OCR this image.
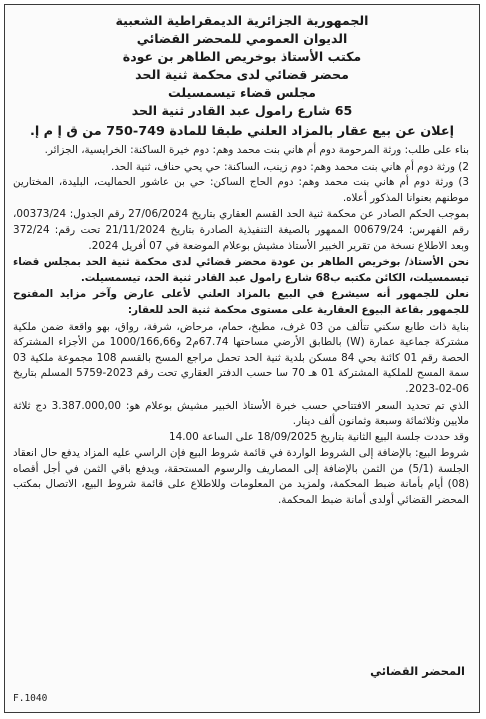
الجمهورية الجزائرية الديمقراطية الشعبية
الديوان العمومي للمحضر القضائي
مكتب الأستاذ بوخريص الطاهر بن عودة
محضر قضائي لدى محكمة ثنية الحد
مجلس قضاء تيسمسيلت
65 شارع رامول عبد القادر ثنية الحد
إعلان عن بيع عقار بالمزاد العلني طبقا للمادة 749-750 من ق إ م إ.

بناء على طلب: ورثة المرحومة دوم أم هاني بنت محمد وهم: دوم خيرة الساكنة: الخرايسية، الجزائر.

2) ورثة دوم أم هاني بنت محمد وهم: دوم زينب، الساكنة: حي يحي حناف، ثنية الحد.

3) ورثة دوم أم هاني بنت محمد وهم: دوم الحاج الساكن: حي بن عاشور الحماليت، البليدة، المختارين موطنهم بعنوانا المذكور أعلاه.

بموجب الحكم الصادر عن محكمة ثنية الحد القسم العقاري بتاريخ 27/06/2024 رقم الجدول: 00373/24، رقم الفهرس: 00679/24 الممهور بالصيغة التنفيذية الصادرة بتاريخ 21/11/2024 تحت رقم: 372/24 وبعد الاطلاع نسخة من تقرير الخبير الأستاذ مشيش بوعلام الموضعة في 07 أفريل 2024.

نحن الأستاذ/ بوخريص الطاهر بن عودة محضر قضائي لدى محكمة ثنية الحد بمجلس قضاء تيسمسيلت، الكائن مكتبه ب68 شارع رامول عبد القادر ثنية الحد، تيسمسيلت.

نعلن للجمهور أنه سيشرع في البيع بالمزاد العلني لأعلى عارض وآخر مزايد المفتوح للجمهور بقاعة البيوع العقارية على مستوى محكمة ثنية الحد للعقار:

بناية ذات طابع سكني تتألف من 03 غرف، مطبخ، حمام، مرحاض، شرفة، رواق، بهو واقعة ضمن ملكية مشتركة جماعية عمارة (W) بالطابق الأرضي مساحتها 67.74م2 و1000/166,66 من الأجزاء المشتركة الحصة رقم 01 كائنة بحي 84 مسكن بلدية ثنية الحد تحمل مراجع المسح بالقسم 108 مجموعة ملكية 03 سمة المسح للملكية المشتركة 01 هـ 70 سا حسب الدفتر العقاري تحت رقم 2023-5759 المسلم بتاريخ 06-02-2023.

الذي تم تحديد السعر الافتتاحي حسب خبرة الأستاذ الخبير مشيش بوعلام هو: 3.387.000,00 دج ثلاثة ملايين وثلاثمائة وسبعة وثمانون ألف دينار.

وقد حددت جلسة البيع الثانية بتاريخ 18/09/2025 على الساعة 14.00

شروط البيع: بالإضافة إلى الشروط الواردة في قائمة شروط البيع فإن الراسي عليه المزاد يدفع حال انعقاد الجلسة (5/1) من الثمن بالإضافة إلى المصاريف والرسوم المستحقة، ويدفع باقي الثمن في أجل أقصاه (08) أيام بأمانة ضبط المحكمة، ولمزيد من المعلومات وللاطلاع على قائمة شروط البيع، الاتصال بمكتب المحضر القضائي أولدى أمانة ضبط المحكمة.

المحضر القضائي
F.1040
